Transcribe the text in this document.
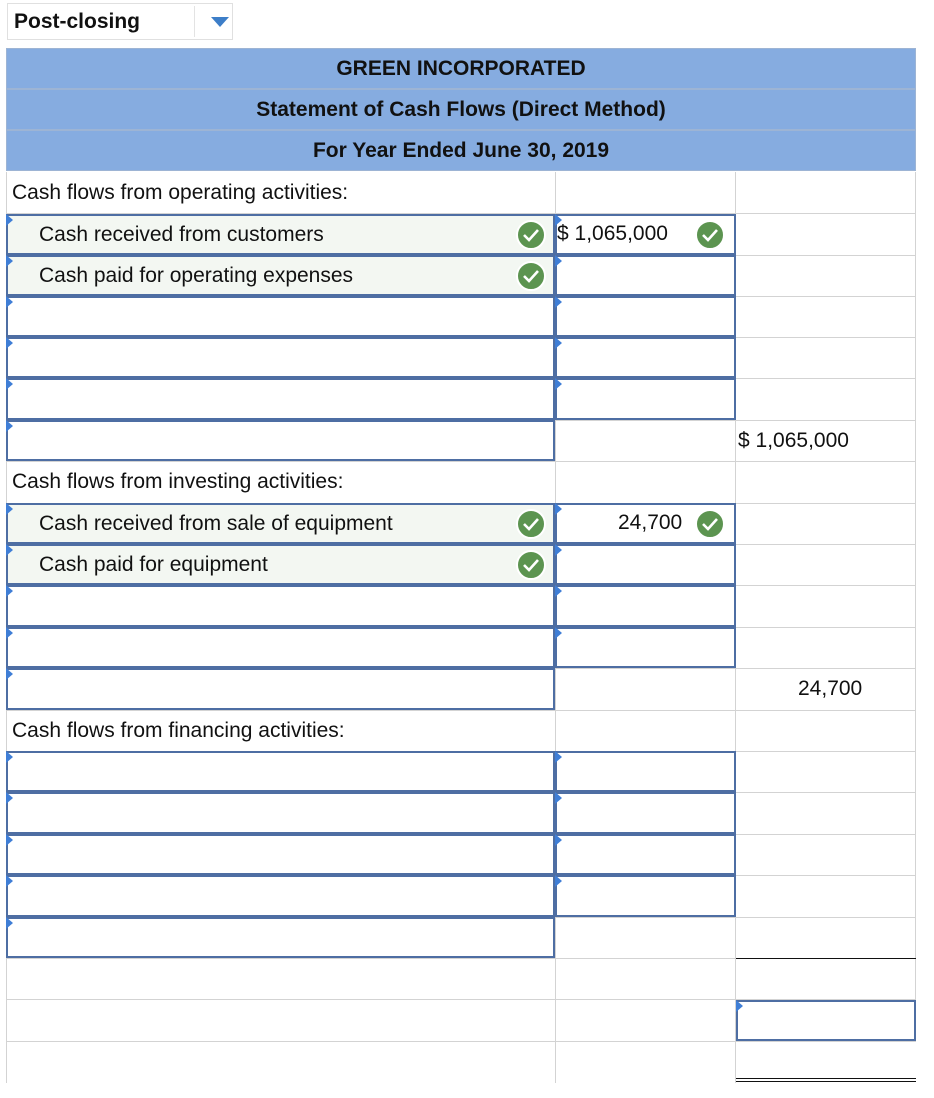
Post-closing
GREEN INCORPORATED
Statement of Cash Flows (Direct Method)
For Year Ended June 30, 2019
Cash flows from operating activities:
Cash received from customers	$ 1,065,000
Cash paid for operating expenses
$ 1,065,000
Cash flows from investing activities:
Cash received from sale of equipment	24,700
Cash paid for equipment
24,700
Cash flows from financing activities:
